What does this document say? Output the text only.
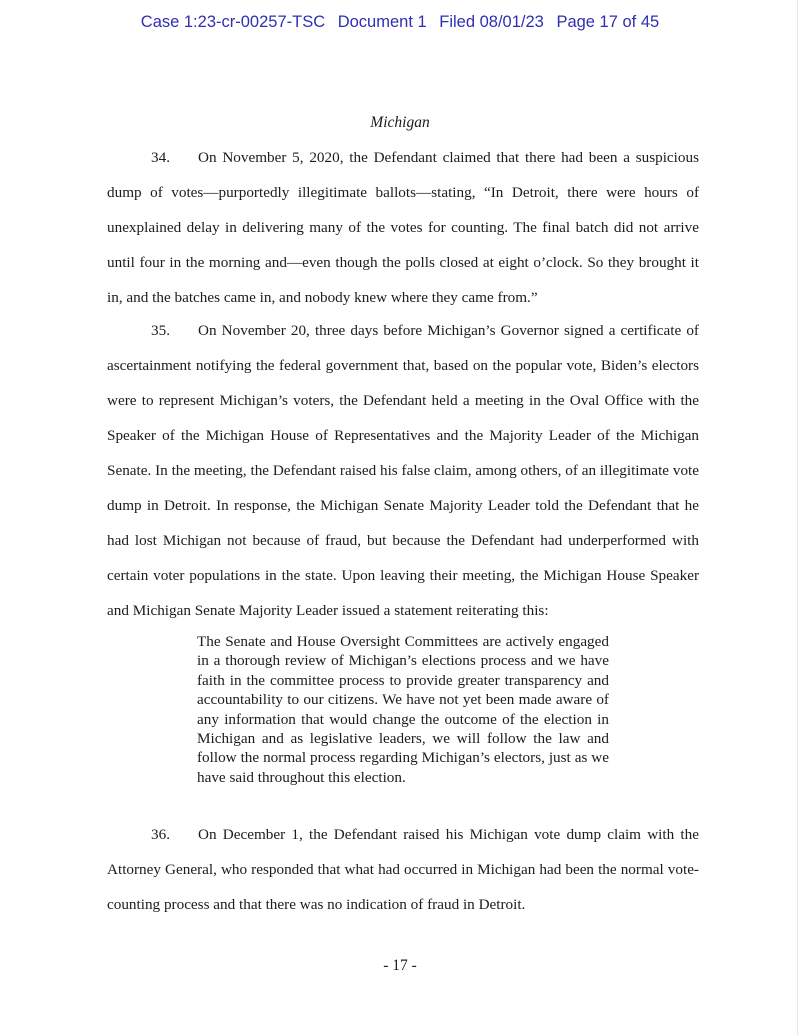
Case 1:23-cr-00257-TSC Document 1 Filed 08/01/23 Page 17 of 45
Michigan

34. On November 5, 2020, the Defendant claimed that there had been a suspicious dump of votes—purportedly illegitimate ballots—stating, “In Detroit, there were hours of unexplained delay in delivering many of the votes for counting. The final batch did not arrive until four in the morning and—even though the polls closed at eight o’clock. So they brought it in, and the batches came in, and nobody knew where they came from.”

35. On November 20, three days before Michigan’s Governor signed a certificate of ascertainment notifying the federal government that, based on the popular vote, Biden’s electors were to represent Michigan’s voters, the Defendant held a meeting in the Oval Office with the Speaker of the Michigan House of Representatives and the Majority Leader of the Michigan Senate. In the meeting, the Defendant raised his false claim, among others, of an illegitimate vote dump in Detroit. In response, the Michigan Senate Majority Leader told the Defendant that he had lost Michigan not because of fraud, but because the Defendant had underperformed with certain voter populations in the state. Upon leaving their meeting, the Michigan House Speaker and Michigan Senate Majority Leader issued a statement reiterating this:

The Senate and House Oversight Committees are actively engaged in a thorough review of Michigan’s elections process and we have faith in the committee process to provide greater transparency and accountability to our citizens. We have not yet been made aware of any information that would change the outcome of the election in Michigan and as legislative leaders, we will follow the law and follow the normal process regarding Michigan’s electors, just as we have said throughout this election.

36. On December 1, the Defendant raised his Michigan vote dump claim with the Attorney General, who responded that what had occurred in Michigan had been the normal vote-counting process and that there was no indication of fraud in Detroit.

- 17 -
